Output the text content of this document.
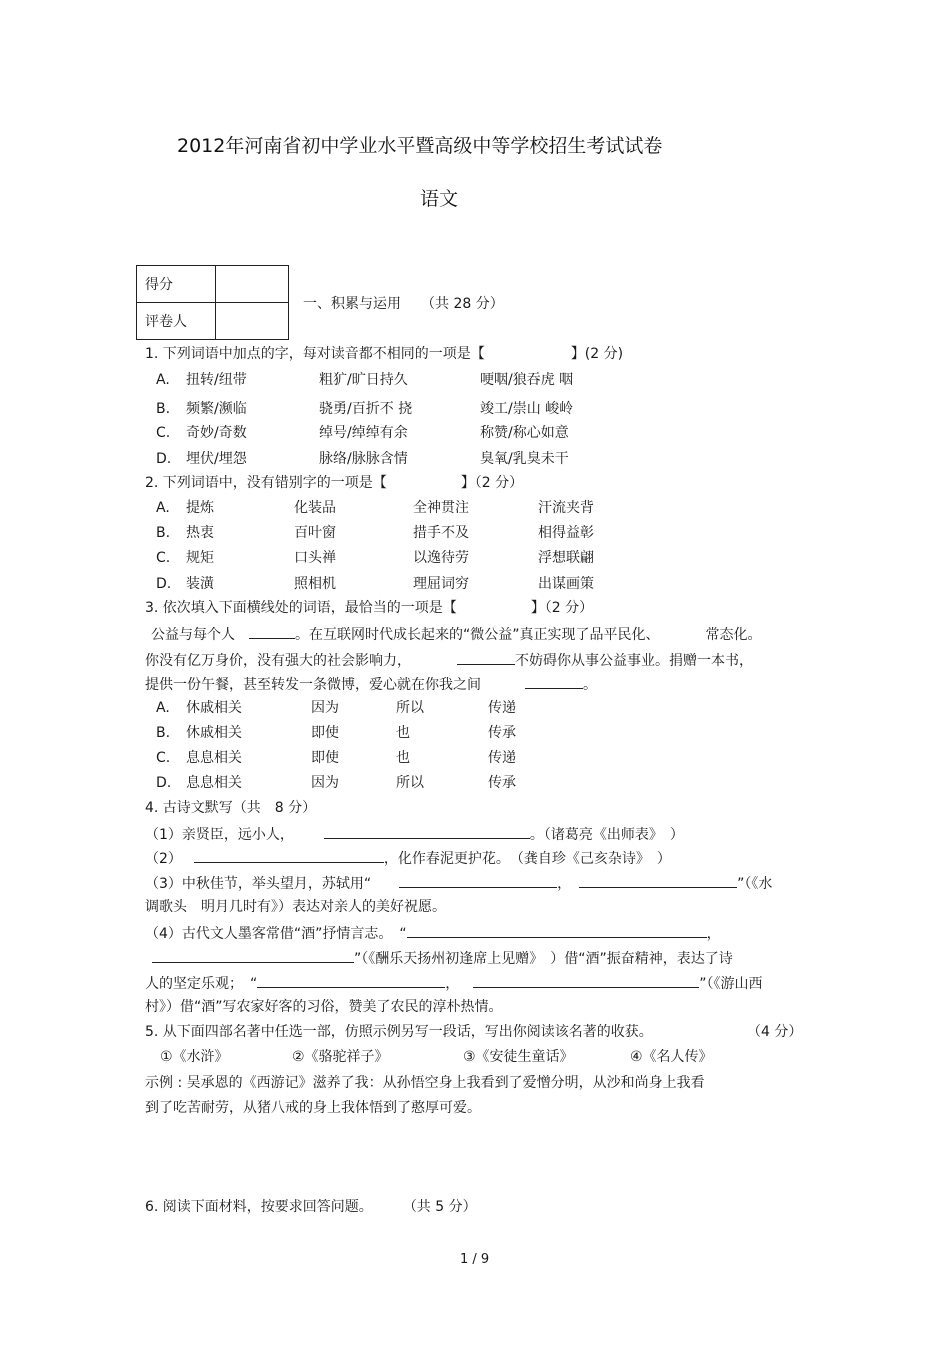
2012年河南省初中学业水平暨高级中等学校招生考试试卷
语文
得分	
评卷人	
一、积累与运用 （共 28 分）
1. 下列词语中加点的字，每对读音都不相同的一项是【	】(2 分)
A. 扭转/纽带	粗犷/旷日持久	哽咽/狼吞虎 咽
B. 频繁/濒临	骁勇/百折不 挠	竣工/崇山 峻岭
C. 奇妙/奇数	绰号/绰绰有余	称赞/称心如意
D. 埋伏/埋怨	脉络/脉脉含情	臭氧/乳臭未干
2. 下列词语中，没有错别字的一项是【	】（2 分）
A. 提炼	化装品	全神贯注	汗流夹背
B. 热衷	百叶窗	措手不及	相得益彰
C. 规矩	口头禅	以逸待劳	浮想联翩
D. 装潢	照相机	理屈词穷	出谋画策
3. 依次填入下面横线处的词语，最恰当的一项是【	】（2 分）
公益与每个人	。在互联网时代成长起来的“微公益”真正实现了品平民化、	常态化。
你没有亿万身价，没有强大的社会影响力，	不妨碍你从事公益事业。捐赠一本书，
提供一份午餐，甚至转发一条微博，爱心就在你我之间	。
A. 休戚相关	因为	所以	传递
B. 休戚相关	即使	也	传承
C. 息息相关	即使	也	传递
D. 息息相关	因为	所以	传承
4. 古诗文默写（共　8 分）
（1）亲贤臣，远小人，	。（诸葛亮《出师表》　）
（2）	，化作春泥更护花。　（龚自珍《己亥杂诗》　）
（3）中秋佳节，举头望月，苏轼用“	，	”（《水
调歌头　明月几时有》）表达对亲人的美好祝愿。
（4）古代文人墨客常借“酒”抒情言志。　“	，
”（《酬乐天扬州初逢席上见赠》　）借“酒”振奋精神，表达了诗
人的坚定乐观；　“	，	”（《游山西
村》）借“酒”写农家好客的习俗，赞美了农民的淳朴热情。
5. 从下面四部名著中任选一部，仿照示例另写一段话，写出你阅读该名著的收获。	（4 分）
①《水浒》	②《骆驼祥子》	③《安徒生童话》	④《名人传》
示例 : 吴承恩的《西游记》滋养了我：从孙悟空身上我看到了爱憎分明，从沙和尚身上我看
到了吃苦耐劳，从猪八戒的身上我体悟到了憨厚可爱。
6. 阅读下面材料，按要求回答问题。 （共 5 分）
1 / 9
